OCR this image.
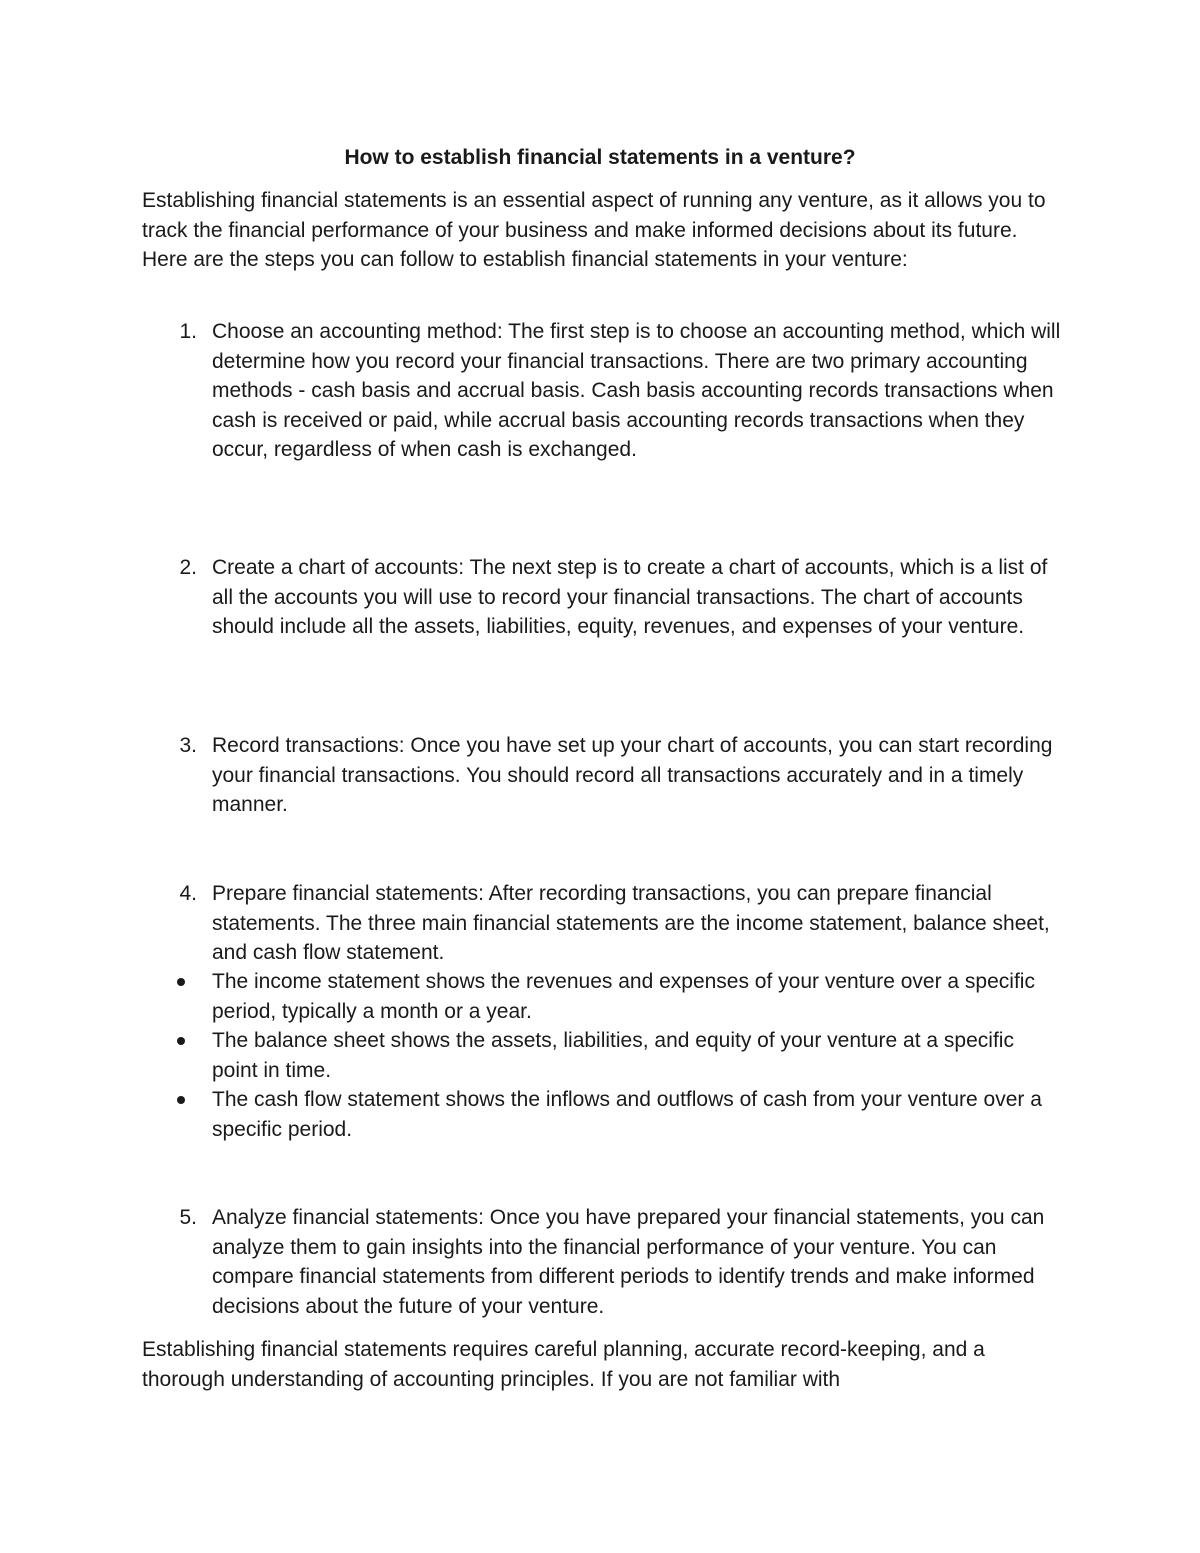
How to establish financial statements in a venture?

Establishing financial statements is an essential aspect of running any venture, as it allows you to track the financial performance of your business and make informed decisions about its future. Here are the steps you can follow to establish financial statements in your venture:

1. Choose an accounting method: The first step is to choose an accounting method, which will determine how you record your financial transactions. There are two primary accounting methods - cash basis and accrual basis. Cash basis accounting records transactions when cash is received or paid, while accrual basis accounting records transactions when they occur, regardless of when cash is exchanged.
2. Create a chart of accounts: The next step is to create a chart of accounts, which is a list of all the accounts you will use to record your financial transactions. The chart of accounts should include all the assets, liabilities, equity, revenues, and expenses of your venture.
3. Record transactions: Once you have set up your chart of accounts, you can start recording your financial transactions. You should record all transactions accurately and in a timely manner.
4. Prepare financial statements: After recording transactions, you can prepare financial statements. The three main financial statements are the income statement, balance sheet, and cash flow statement.
The income statement shows the revenues and expenses of your venture over a specific period, typically a month or a year.
The balance sheet shows the assets, liabilities, and equity of your venture at a specific point in time.
The cash flow statement shows the inflows and outflows of cash from your venture over a specific period.
5. Analyze financial statements: Once you have prepared your financial statements, you can analyze them to gain insights into the financial performance of your venture. You can compare financial statements from different periods to identify trends and make informed decisions about the future of your venture.

Establishing financial statements requires careful planning, accurate record-keeping, and a thorough understanding of accounting principles. If you are not familiar with
